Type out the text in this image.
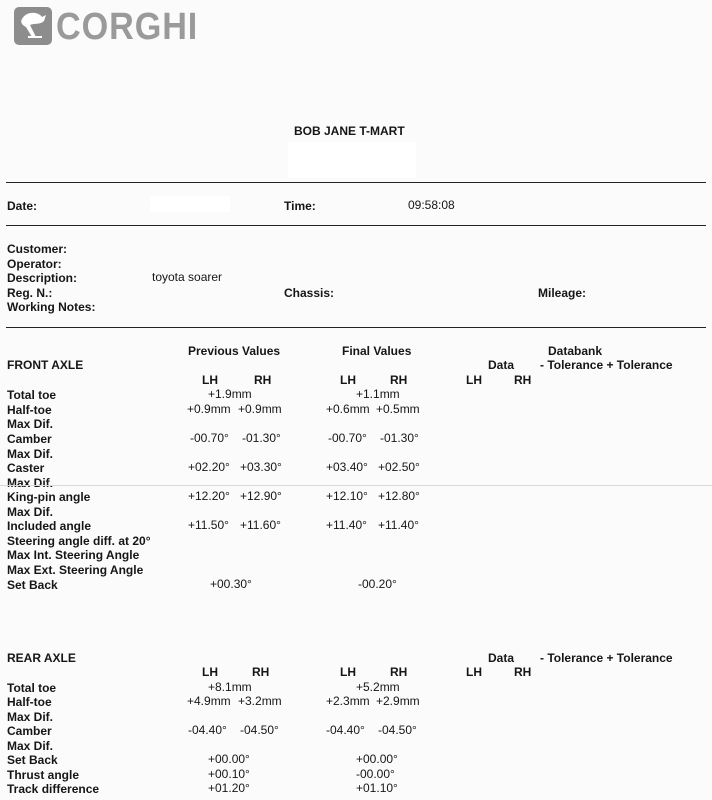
CORGHI
BOB JANE T-MART
Date:	Time:	09:58:08
Customer:
Operator:
Description:	toyota soarer
Reg. N.:	Chassis:	Mileage:
Working Notes:
Previous Values	Final Values	Databank
FRONT AXLE	Data - Tolerance + Tolerance
LH	RH	LH	RH	LH	RH
Total toe	+1.9mm	+1.1mm
Half-toe	+0.9mm +0.9mm	+0.6mm +0.5mm
Max Dif.
Camber	-00.70° -01.30°	-00.70° -01.30°
Max Dif.
Caster	+02.20° +03.30°	+03.40° +02.50°
Max Dif.
King-pin angle	+12.20° +12.90°	+12.10° +12.80°
Max Dif.
Included angle	+11.50° +11.60°	+11.40° +11.40°
Steering angle diff. at 20°
Max Int. Steering Angle
Max Ext. Steering Angle
Set Back	+00.30°	-00.20°
REAR AXLE	Data - Tolerance + Tolerance
LH	RH	LH	RH	LH	RH
Total toe	+8.1mm	+5.2mm
Half-toe	+4.9mm +3.2mm	+2.3mm +2.9mm
Max Dif.
Camber	-04.40° -04.50°	-04.40° -04.50°
Max Dif.
Set Back	+00.00°	+00.00°
Thrust angle	+00.10°	-00.00°
Track difference	+01.20°	+01.10°
